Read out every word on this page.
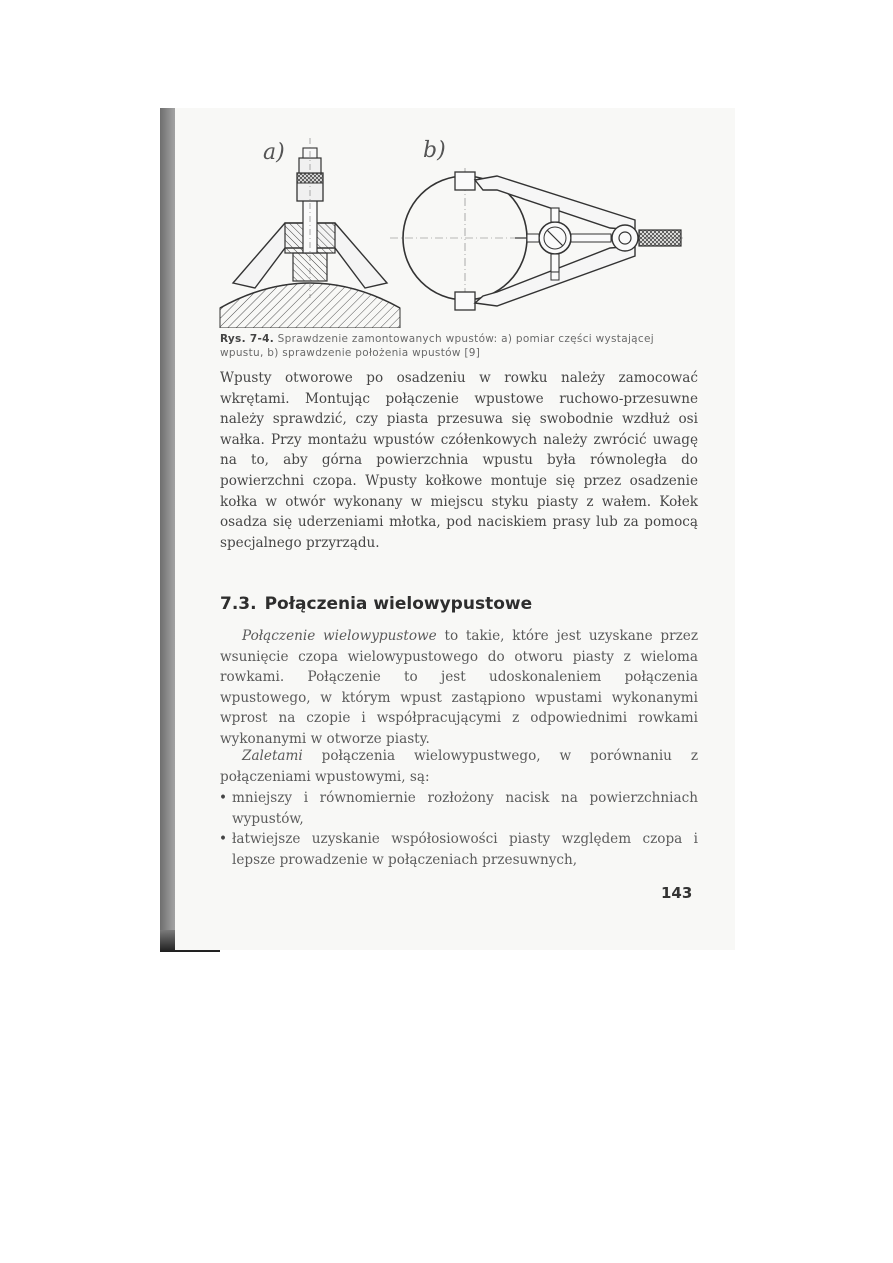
a)	b)
Rys. 7-4. Sprawdzenie zamontowanych wpustów: a) pomiar części wystającej wpustu, b) sprawdzenie położenia wpustów [9]

Wpusty otworowe po osadzeniu w rowku należy zamocować wkrętami. Montując połączenie wpustowe ruchowo-przesuwne należy sprawdzić, czy piasta przesuwa się swobodnie wzdłuż osi wałka. Przy montażu wpustów czółenkowych należy zwrócić uwagę na to, aby górna powierzchnia wpustu była równoległa do powierzchni czopa. Wpusty kołkowe montuje się przez osadzenie kołka w otwór wykonany w miejscu styku piasty z wałem. Kołek osadza się uderzeniami młotka, pod naciskiem prasy lub za pomocą specjalnego przyrządu.

7.3. Połączenia wielowypustowe

Połączenie wielowypustowe to takie, które jest uzyskane przez wsunięcie czopa wielowypustowego do otworu piasty z wieloma rowkami. Połączenie to jest udoskonaleniem połączenia wpustowego, w którym wpust zastąpiono wpustami wykonanymi wprost na czopie i współpracującymi z odpowiednimi rowkami wykonanymi w otworze piasty.

Zaletami połączenia wielowypustwego, w porównaniu z połączeniami wpustowymi, są:

• mniejszy i równomiernie rozłożony nacisk na powierzchniach wypustów,
• łatwiejsze uzyskanie współosiowości piasty względem czopa i lepsze prowadzenie w połączeniach przesuwnych,
143
